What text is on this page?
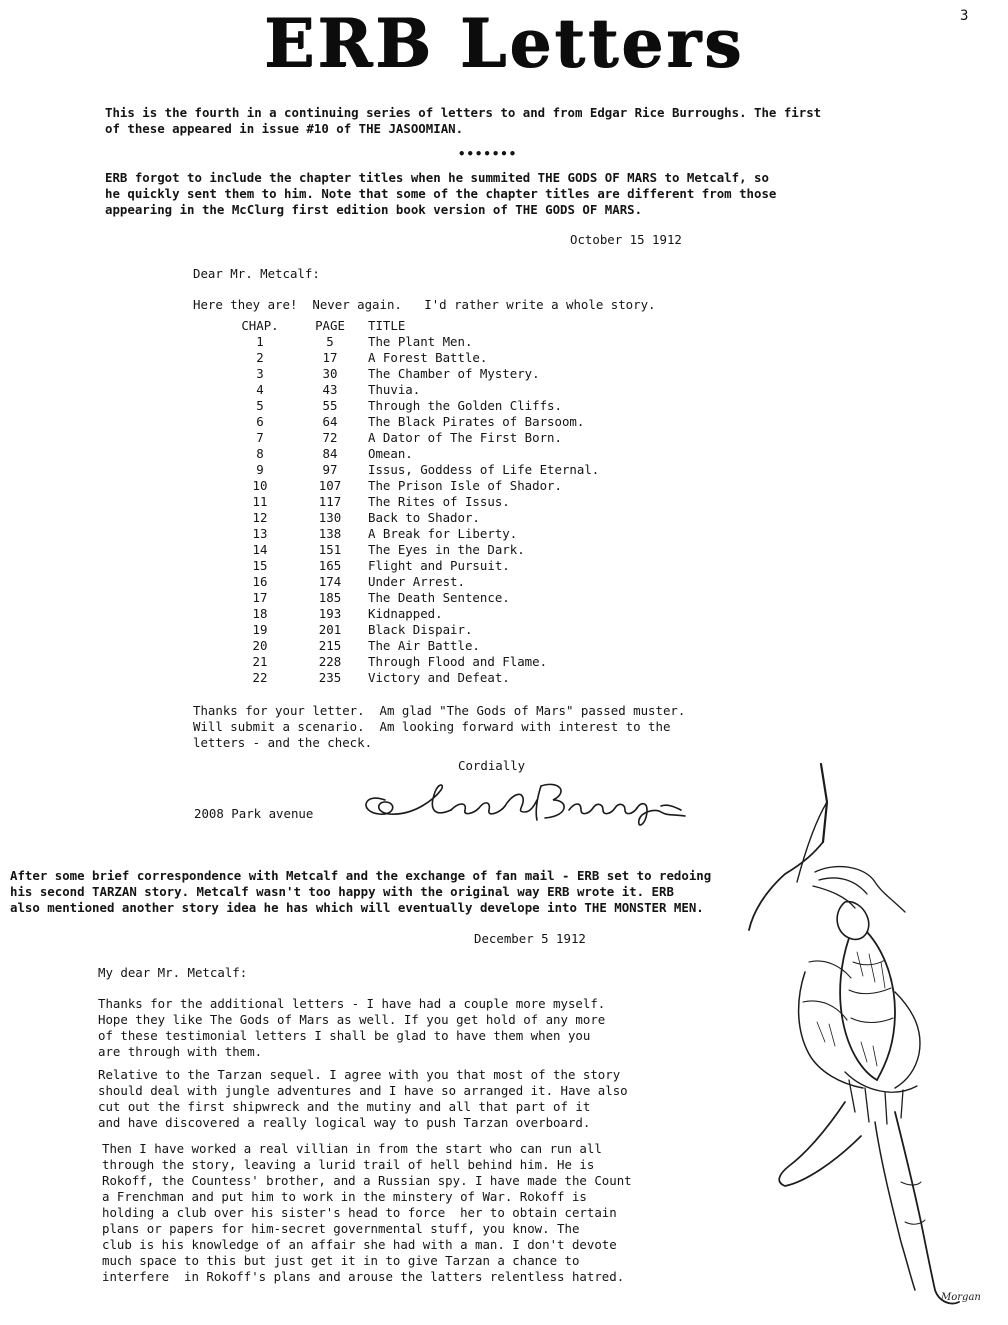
3
ERB Letters

This is the fourth in a continuing series of letters to and from Edgar Rice Burroughs. The first

of these appeared in issue #10 of THE JASOOMIAN.

•••••••

ERB forgot to include the chapter titles when he summited THE GODS OF MARS to Metcalf, so

he quickly sent them to him. Note that some of the chapter titles are different from those

appearing in the McClurg first edition book version of THE GODS OF MARS.

October 15 1912
Dear Mr. Metcalf:
Here they are!  Never again.   I'd rather write a whole story.
CHAP.	PAGE	TITLE
1	5	The Plant Men.
2	17	A Forest Battle.
3	30	The Chamber of Mystery.
4	43	Thuvia.
5	55	Through the Golden Cliffs.
6	64	The Black Pirates of Barsoom.
7	72	A Dator of The First Born.
8	84	Omean.
9	97	Issus, Goddess of Life Eternal.
10	107	The Prison Isle of Shador.
11	117	The Rites of Issus.
12	130	Back to Shador.
13	138	A Break for Liberty.
14	151	The Eyes in the Dark.
15	165	Flight and Pursuit.
16	174	Under Arrest.
17	185	The Death Sentence.
18	193	Kidnapped.
19	201	Black Dispair.
20	215	The Air Battle.
21	228	Through Flood and Flame.
22	235	Victory and Defeat.

Thanks for your letter.  Am glad "The Gods of Mars" passed muster.

Will submit a scenario.  Am looking forward with interest to the

letters - and the check.

Cordially
2008 Park avenue

After some brief correspondence with Metcalf and the exchange of fan mail - ERB set to redoing

his second TARZAN story. Metcalf wasn't too happy with the original way ERB wrote it. ERB

also mentioned another story idea he has which will eventually develope into THE MONSTER MEN.

December 5 1912
My dear Mr. Metcalf:

Thanks for the additional letters - I have had a couple more myself.

Hope they like The Gods of Mars as well. If you get hold of any more

of these testimonial letters I shall be glad to have them when you

are through with them.

Relative to the Tarzan sequel. I agree with you that most of the story

should deal with jungle adventures and I have so arranged it. Have also

cut out the first shipwreck and the mutiny and all that part of it

and have discovered a really logical way to push Tarzan overboard.

Then I have worked a real villian in from the start who can run all

through the story, leaving a lurid trail of hell behind him. He is

Rokoff, the Countess' brother, and a Russian spy. I have made the Count

a Frenchman and put him to work in the minstery of War. Rokoff is

holding a club over his sister's head to force  her to obtain certain

plans or papers for him-secret governmental stuff, you know. The

club is his knowledge of an affair she had with a man. I don't devote

much space to this but just get it in to give Tarzan a chance to

interfere  in Rokoff's plans and arouse the latters relentless hatred.

Morgan
